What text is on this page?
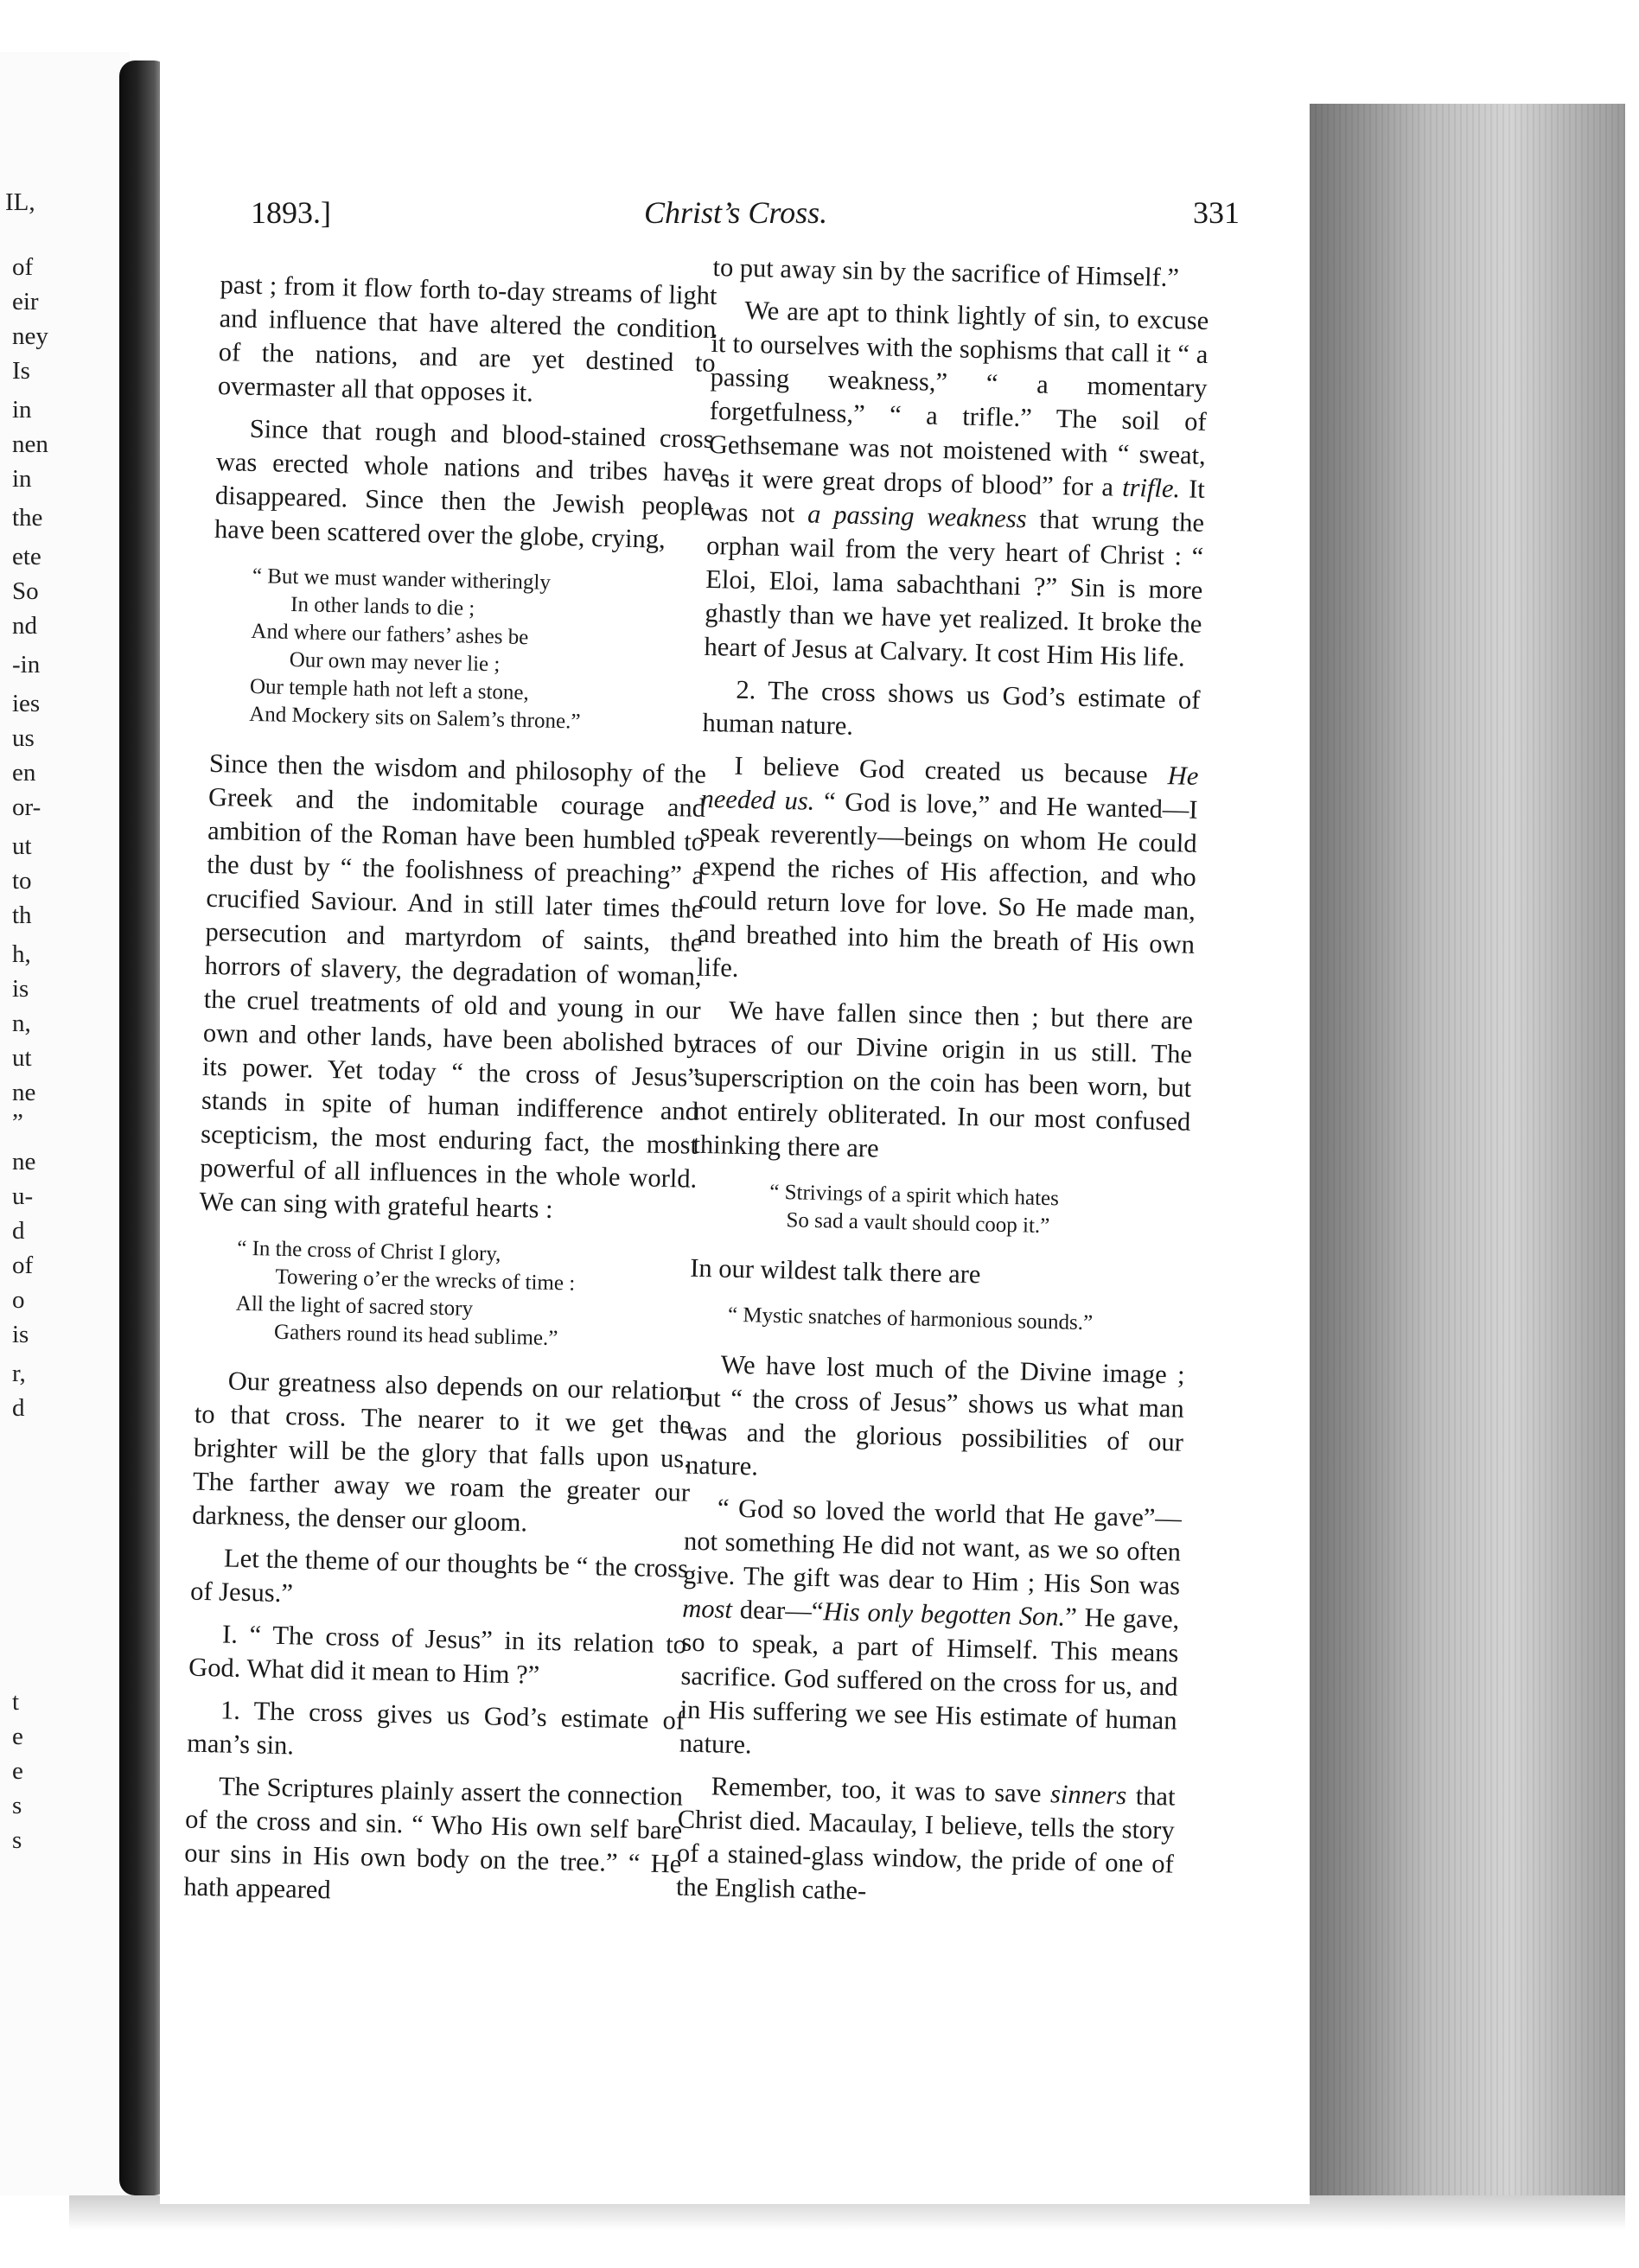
IL,
of
eir
ney
Is
in
nen
in
the
ete
So
nd
-in
ies
us
en
or-
ut
to
th
h,
is
n,
ut
ne
”
ne
u-
d
of
o
is
r,
d
t
e
e
s
s
1893.]	Christ’s Cross.	331

past ; from it flow forth to-day streams of light and influence that have altered the condition of the nations, and are yet destined to overmaster all that opposes it.

Since that rough and blood-stained cross was erected whole nations and tribes have disappeared. Since then the Jewish people have been scattered over the globe, crying,

“ But we must wander witheringly
In other lands to die ;
And where our fathers’ ashes be
Our own may never lie ;
Our temple hath not left a stone,
And Mockery sits on Salem’s throne.”

Since then the wisdom and philosophy of the Greek and the indomitable courage and ambition of the Roman have been humbled to the dust by “ the foolishness of preaching” a crucified Saviour. And in still later times the persecution and martyrdom of saints, the horrors of slavery, the degradation of woman, the cruel treatments of old and young in our own and other lands, have been abolished by its power. Yet today “ the cross of Jesus” stands in spite of human indifference and scepticism, the most enduring fact, the most powerful of all influences in the whole world. We can sing with grateful hearts :

“ In the cross of Christ I glory,
Towering o’er the wrecks of time :
All the light of sacred story
Gathers round its head sublime.”

Our greatness also depends on our relation to that cross. The nearer to it we get the brighter will be the glory that falls upon us. The farther away we roam the greater our darkness, the denser our gloom.

Let the theme of our thoughts be “ the cross of Jesus.”

I. “ The cross of Jesus” in its relation to God. What did it mean to Him ?”

1. The cross gives us God’s estimate of man’s sin.

The Scriptures plainly assert the connection of the cross and sin. “ Who His own self bare our sins in His own body on the tree.” “ He hath appeared

to put away sin by the sacrifice of Himself.”

We are apt to think lightly of sin, to excuse it to ourselves with the sophisms that call it “ a passing weakness,” “ a momentary forgetfulness,” “ a trifle.” The soil of Gethsemane was not moistened with “ sweat, as it were great drops of blood” for a trifle. It was not a passing weakness that wrung the orphan wail from the very heart of Christ : “ Eloi, Eloi, lama sabachthani ?” Sin is more ghastly than we have yet realized. It broke the heart of Jesus at Calvary. It cost Him His life.

2. The cross shows us God’s estimate of human nature.

I believe God created us because He needed us. “ God is love,” and He wanted—I speak reverently—beings on whom He could expend the riches of His affection, and who could return love for love. So He made man, and breathed into him the breath of His own life.

We have fallen since then ; but there are traces of our Divine origin in us still. The superscription on the coin has been worn, but not entirely obliterated. In our most confused thinking there are

“ Strivings of a spirit which hates
So sad a vault should coop it.”

In our wildest talk there are

“ Mystic snatches of harmonious sounds.”

We have lost much of the Divine image ; but “ the cross of Jesus” shows us what man was and the glorious possibilities of our nature.

“ God so loved the world that He gave”—not something He did not want, as we so often give. The gift was dear to Him ; His Son was most dear—“His only begotten Son.” He gave, so to speak, a part of Himself. This means sacrifice. God suffered on the cross for us, and in His suffering we see His estimate of human nature.

Remember, too, it was to save sinners that Christ died. Macaulay, I believe, tells the story of a stained-glass window, the pride of one of the English cathe-
